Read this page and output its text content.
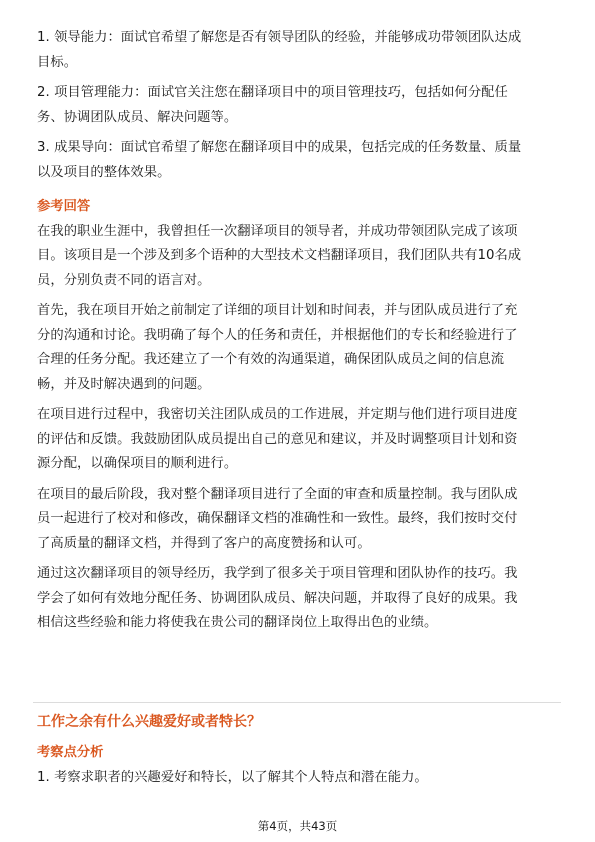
1. 领导能力：面试官希望了解您是否有领导团队的经验，并能够成功带领团队达成
目标。

2. 项目管理能力：面试官关注您在翻译项目中的项目管理技巧，包括如何分配任
务、协调团队成员、解决问题等。

3. 成果导向：面试官希望了解您在翻译项目中的成果，包括完成的任务数量、质量
以及项目的整体效果。

参考回答

在我的职业生涯中，我曾担任一次翻译项目的领导者，并成功带领团队完成了该项
目。该项目是一个涉及到多个语种的大型技术文档翻译项目，我们团队共有10名成
员，分别负责不同的语言对。

首先，我在项目开始之前制定了详细的项目计划和时间表，并与团队成员进行了充
分的沟通和讨论。我明确了每个人的任务和责任，并根据他们的专长和经验进行了
合理的任务分配。我还建立了一个有效的沟通渠道，确保团队成员之间的信息流
畅，并及时解决遇到的问题。

在项目进行过程中，我密切关注团队成员的工作进展，并定期与他们进行项目进度
的评估和反馈。我鼓励团队成员提出自己的意见和建议，并及时调整项目计划和资
源分配，以确保项目的顺利进行。

在项目的最后阶段，我对整个翻译项目进行了全面的审查和质量控制。我与团队成
员一起进行了校对和修改，确保翻译文档的准确性和一致性。最终，我们按时交付
了高质量的翻译文档，并得到了客户的高度赞扬和认可。

通过这次翻译项目的领导经历，我学到了很多关于项目管理和团队协作的技巧。我
学会了如何有效地分配任务、协调团队成员、解决问题，并取得了良好的成果。我
相信这些经验和能力将使我在贵公司的翻译岗位上取得出色的业绩。

工作之余有什么兴趣爱好或者特长？

考察点分析

1. 考察求职者的兴趣爱好和特长，以了解其个人特点和潜在能力。

第4页，共43页
